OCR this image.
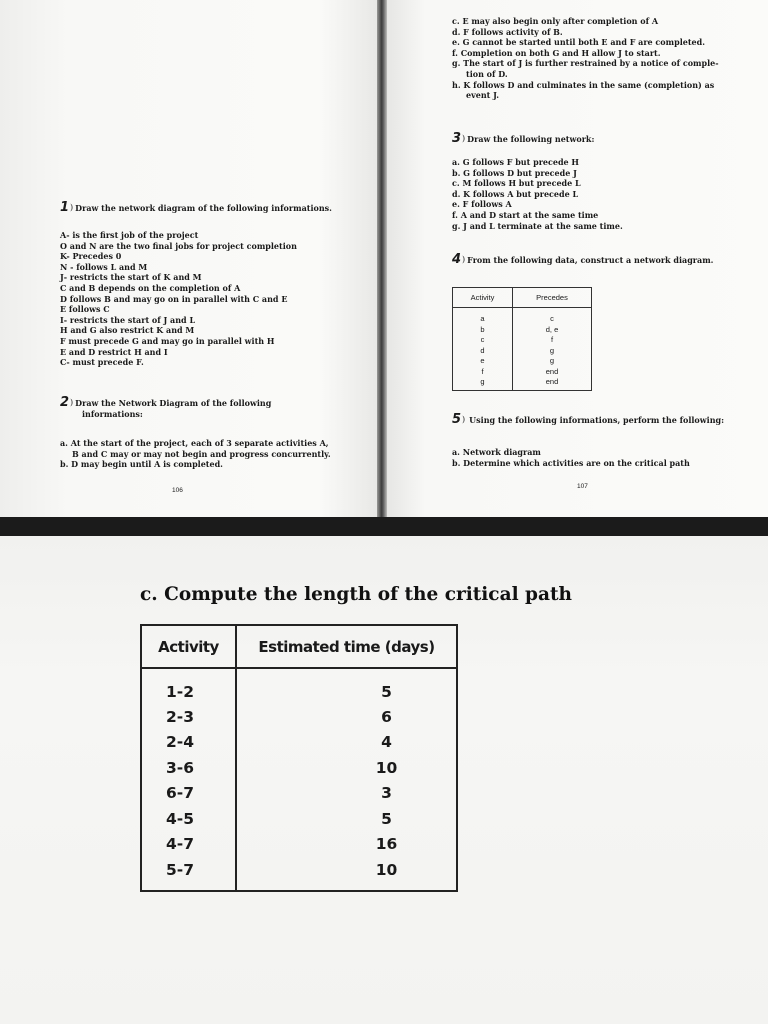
1 ) Draw the network diagram of the following informations.
A- is the first job of the project
O and N are the two final jobs for project completion
K- Precedes 0
N - follows L and M
J- restricts the start of K and M
C and B depends on the completion of A
D follows B and may go on in parallel with C and E
E follows C
I- restricts the start of J and L
H and G also restrict K and M
F must precede G and may go in parallel with H
E and D restrict H and I
C- must precede F.
2 ) Draw the Network Diagram of the following
informations:
a. At the start of the project, each of 3 separate activities A,
B and C may or may not begin and progress concurrently.
b. D may begin until A is completed.
106
c. E may also begin only after completion of A
d. F follows activity of B.
e. G cannot be started until both E and F are completed.
f. Completion on both G and H allow J to start.
g. The start of J is further restrained by a notice of comple-
tion of D.
h. K follows D and culminates in the same (completion) as
event J.
3 ) Draw the following network:
a. G follows F but precede H
b. G follows D but precede J
c. M follows H but precede L
d. K follows A but precede L
e. F follows A
f. A and D start at the same time
g. J and L terminate at the same time.
4 ) From the following data, construct a network diagram.
Activity	Precedes
a	c
b	d, e
c	f
d	g
e	g
f	end
g	end
5 ) Using the following informations, perform the following:
a. Network diagram
b. Determine which activities are on the critical path
107
c. Compute the length of the critical path
Activity	Estimated time (days)
1-2	5
2-3	6
2-4	4
3-6	10
6-7	3
4-5	5
4-7	16
5-7	10
